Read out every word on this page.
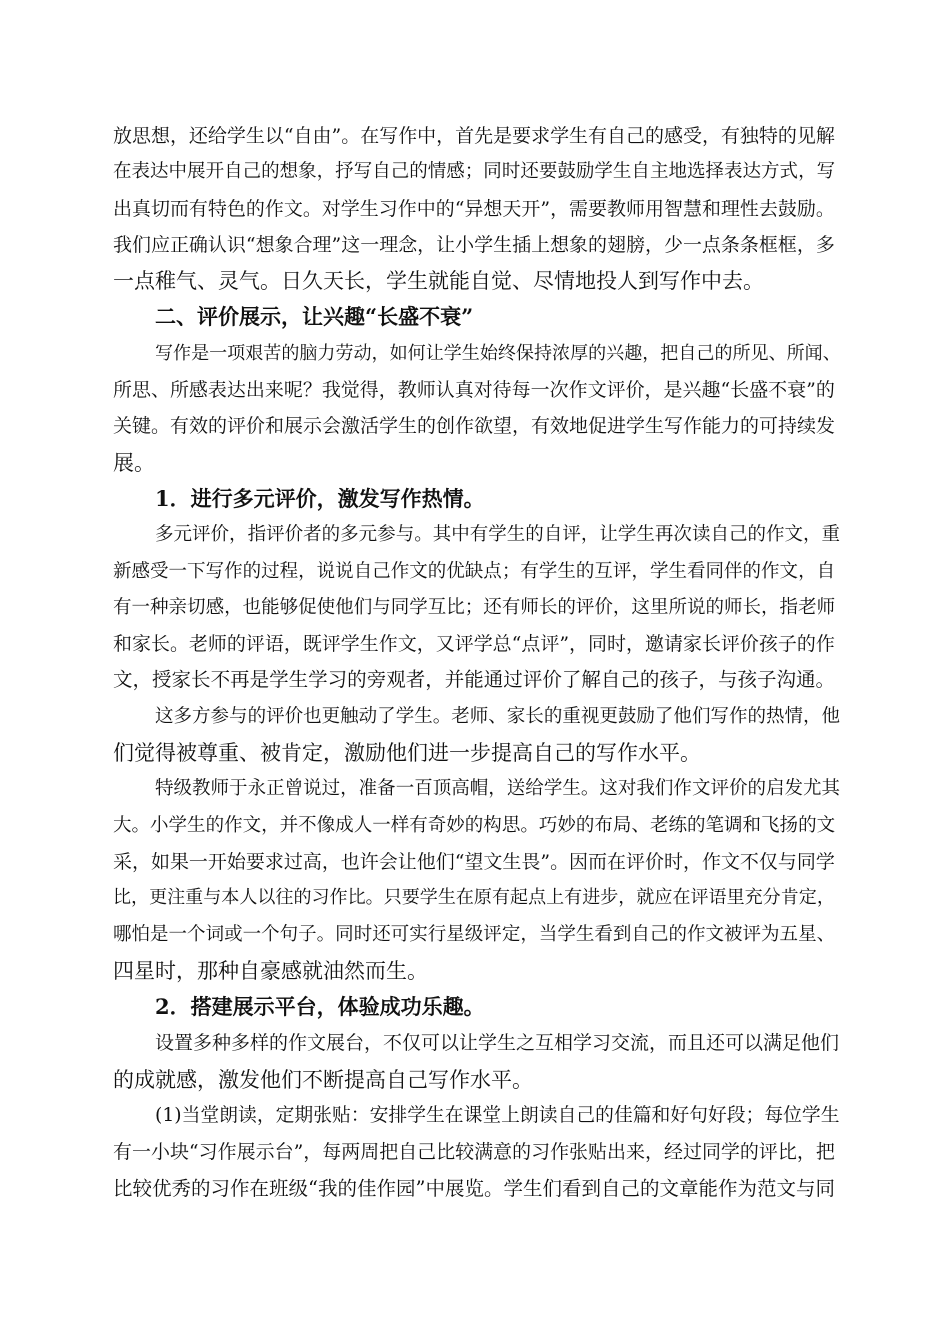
放思想，还给学生以“自由”。在写作中，首先是要求学生有自己的感受，有独特的见解
在表达中展开自己的想象，抒写自己的情感；同时还要鼓励学生自主地选择表达方式，写
出真切而有特色的作文。对学生习作中的“异想天开”，需要教师用智慧和理性去鼓励。
我们应正确认识“想象合理”这一理念，让小学生插上想象的翅膀，少一点条条框框，多
一点稚气、灵气。日久天长，学生就能自觉、尽情地投人到写作中去。

二、评价展示，让兴趣“长盛不衰”

写作是一项艰苦的脑力劳动，如何让学生始终保持浓厚的兴趣，把自己的所见、所闻、
所思、所感表达出来呢？我觉得，教师认真对待每一次作文评价，是兴趣“长盛不衰”的
关键。有效的评价和展示会激活学生的创作欲望，有效地促进学生写作能力的可持续发
展。

1．进行多元评价，激发写作热情。

多元评价，指评价者的多元参与。其中有学生的自评，让学生再次读自己的作文，重
新感受一下写作的过程，说说自己作文的优缺点；有学生的互评，学生看同伴的作文，自
有一种亲切感，也能够促使他们与同学互比；还有师长的评价，这里所说的师长，指老师
和家长。老师的评语，既评学生作文，又评学总“点评”，同时，邀请家长评价孩子的作
文，授家长不再是学生学习的旁观者，并能通过评价了解自己的孩子，与孩子沟通。

这多方参与的评价也更触动了学生。老师、家长的重视更鼓励了他们写作的热情，他
们觉得被尊重、被肯定，激励他们进一步提高自己的写作水平。

特级教师于永正曾说过，准备一百顶高帽，送给学生。这对我们作文评价的启发尤其
大。小学生的作文，并不像成人一样有奇妙的构思。巧妙的布局、老练的笔调和飞扬的文
采，如果一开始要求过高，也许会让他们“望文生畏”。因而在评价时，作文不仅与同学
比，更注重与本人以往的习作比。只要学生在原有起点上有进步，就应在评语里充分肯定，
哪怕是一个词或一个句子。同时还可实行星级评定，当学生看到自己的作文被评为五星、
四星时，那种自豪感就油然而生。

2．搭建展示平台，体验成功乐趣。

设置多种多样的作文展台，不仅可以让学生之互相学习交流，而且还可以满足他们
的成就感，激发他们不断提高自己写作水平。

(1)当堂朗读，定期张贴：安排学生在课堂上朗读自己的佳篇和好句好段；每位学生
有一小块“习作展示台”，每两周把自己比较满意的习作张贴出来，经过同学的评比，把
比较优秀的习作在班级“我的佳作园”中展览。学生们看到自己的文章能作为范文与同
